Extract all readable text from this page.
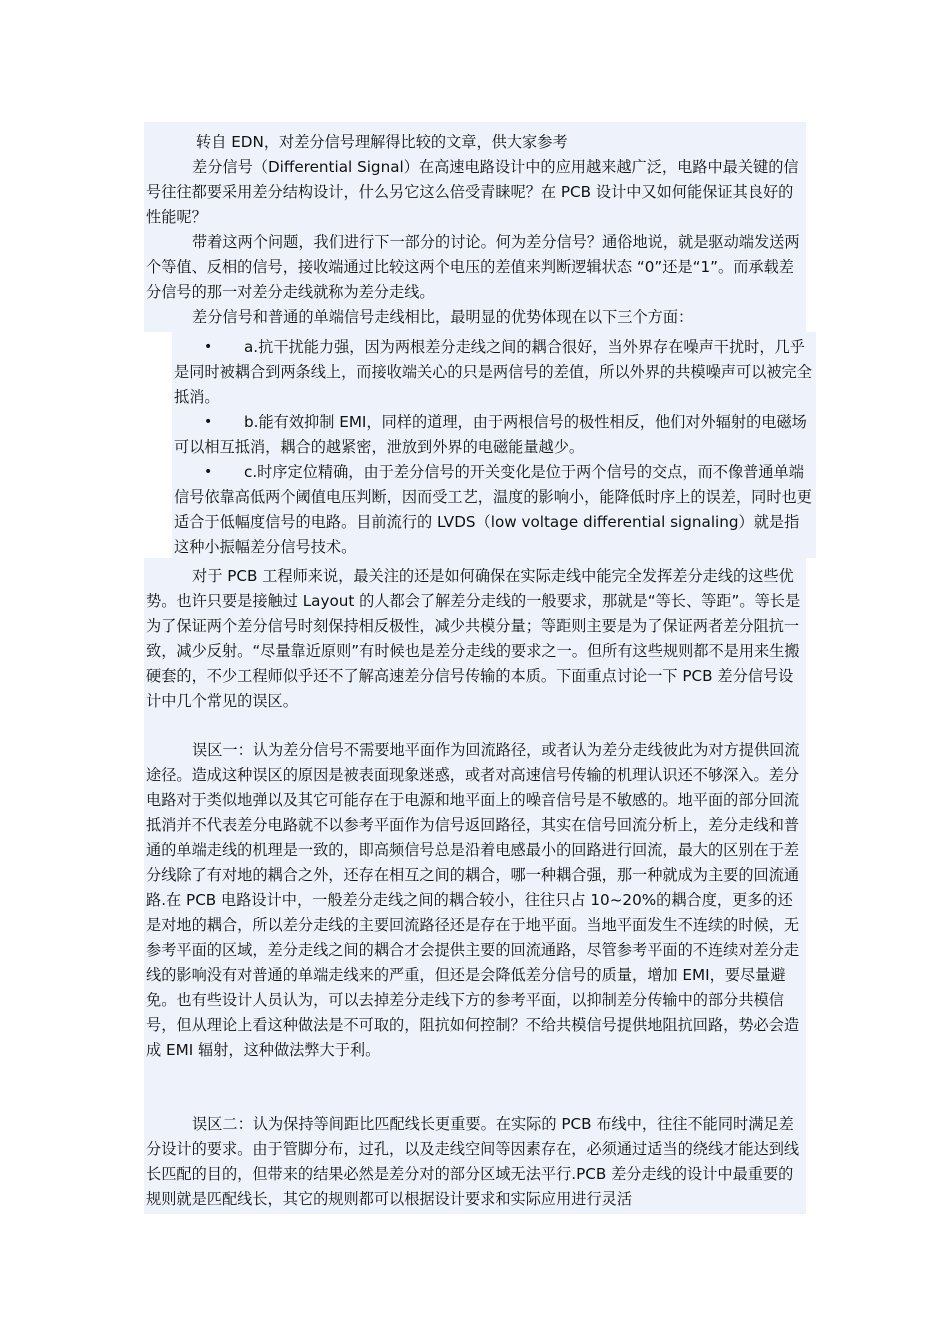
转自 EDN，对差分信号理解得比较的文章，供大家参考

差分信号（Differential Signal）在高速电路设计中的应用越来越广泛，电路中最关键的信号往往都要采用差分结构设计，什么另它这么倍受青睐呢？在 PCB 设计中又如何能保证其良好的性能呢？

带着这两个问题，我们进行下一部分的讨论。何为差分信号？通俗地说，就是驱动端发送两个等值、反相的信号，接收端通过比较这两个电压的差值来判断逻辑状态 “0”还是“1”。而承载差分信号的那一对差分走线就称为差分走线。

差分信号和普通的单端信号走线相比，最明显的优势体现在以下三个方面：

• a.抗干扰能力强，因为两根差分走线之间的耦合很好，当外界存在噪声干扰时，几乎是同时被耦合到两条线上，而接收端关心的只是两信号的差值，所以外界的共模噪声可以被完全抵消。
• b.能有效抑制 EMI，同样的道理，由于两根信号的极性相反，他们对外辐射的电磁场可以相互抵消，耦合的越紧密，泄放到外界的电磁能量越少。
• c.时序定位精确，由于差分信号的开关变化是位于两个信号的交点，而不像普通单端信号依靠高低两个阈值电压判断，因而受工艺，温度的影响小，能降低时序上的误差，同时也更适合于低幅度信号的电路。目前流行的 LVDS（low voltage differential signaling）就是指这种小振幅差分信号技术。

对于 PCB 工程师来说，最关注的还是如何确保在实际走线中能完全发挥差分走线的这些优势。也许只要是接触过 Layout 的人都会了解差分走线的一般要求，那就是“等长、等距”。等长是为了保证两个差分信号时刻保持相反极性，减少共模分量；等距则主要是为了保证两者差分阻抗一致，减少反射。“尽量靠近原则”有时候也是差分走线的要求之一。但所有这些规则都不是用来生搬硬套的，不少工程师似乎还不了解高速差分信号传输的本质。下面重点讨论一下 PCB 差分信号设计中几个常见的误区。

误区一：认为差分信号不需要地平面作为回流路径，或者认为差分走线彼此为对方提供回流途径。造成这种误区的原因是被表面现象迷惑，或者对高速信号传输的机理认识还不够深入。差分电路对于类似地弹以及其它可能存在于电源和地平面上的噪音信号是不敏感的。地平面的部分回流抵消并不代表差分电路就不以参考平面作为信号返回路径，其实在信号回流分析上，差分走线和普通的单端走线的机理是一致的，即高频信号总是沿着电感最小的回路进行回流，最大的区别在于差分线除了有对地的耦合之外，还存在相互之间的耦合，哪一种耦合强，那一种就成为主要的回流通路.在 PCB 电路设计中，一般差分走线之间的耦合较小，往往只占 10~20%的耦合度，更多的还是对地的耦合，所以差分走线的主要回流路径还是存在于地平面。当地平面发生不连续的时候，无参考平面的区域，差分走线之间的耦合才会提供主要的回流通路，尽管参考平面的不连续对差分走线的影响没有对普通的单端走线来的严重，但还是会降低差分信号的质量，增加 EMI，要尽量避免。也有些设计人员认为，可以去掉差分走线下方的参考平面，以抑制差分传输中的部分共模信号，但从理论上看这种做法是不可取的，阻抗如何控制？不给共模信号提供地阻抗回路，势必会造成 EMI 辐射，这种做法弊大于利。

误区二：认为保持等间距比匹配线长更重要。在实际的 PCB 布线中，往往不能同时满足差分设计的要求。由于管脚分布，过孔，以及走线空间等因素存在，必须通过适当的绕线才能达到线长匹配的目的，但带来的结果必然是差分对的部分区域无法平行.PCB 差分走线的设计中最重要的规则就是匹配线长，其它的规则都可以根据设计要求和实际应用进行灵活
